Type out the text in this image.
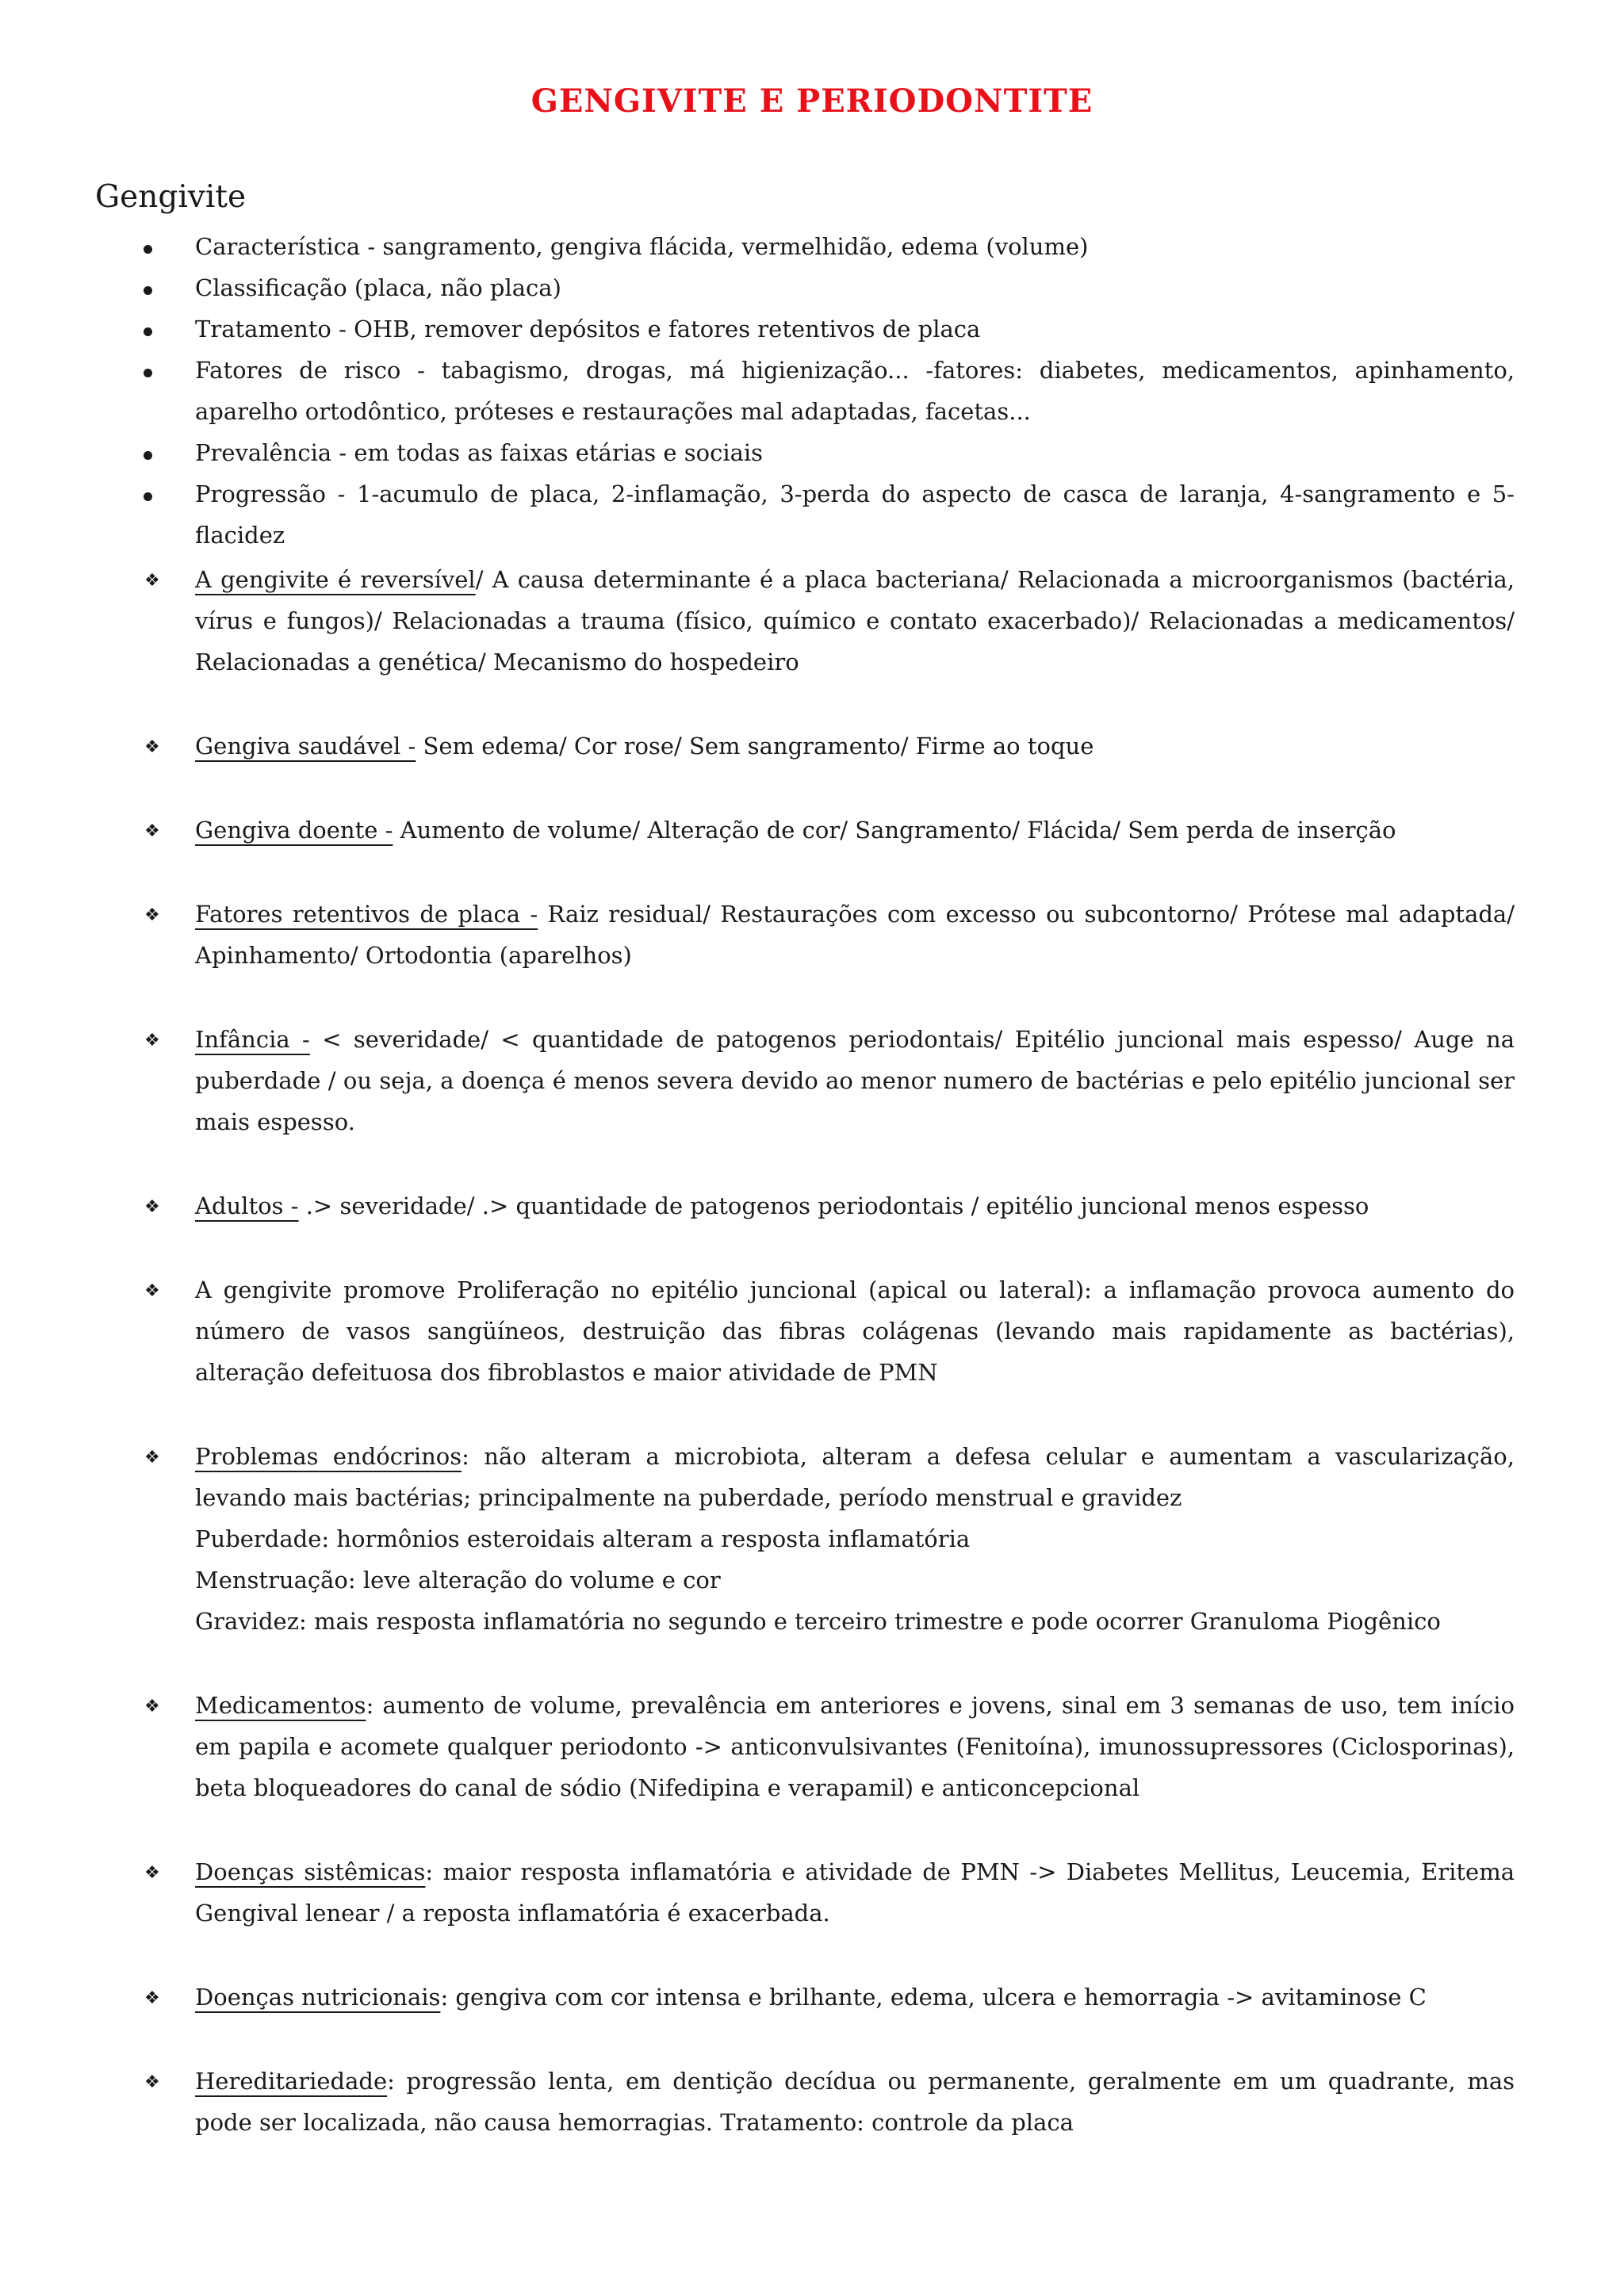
GENGIVITE E PERIODONTITE
Gengivite
Característica - sangramento, gengiva flácida, vermelhidão, edema (volume)
Classificação (placa, não placa)
Tratamento - OHB, remover depósitos e fatores retentivos de placa
Fatores de risco - tabagismo, drogas, má higienização... -fatores: diabetes, medicamentos, apinhamento, aparelho ortodôntico, próteses e restaurações mal adaptadas, facetas...
Prevalência - em todas as faixas etárias e sociais
Progressão - 1-acumulo de placa, 2-inflamação, 3-perda do aspecto de casca de laranja, 4-sangramento e 5-flacidez
❖ A gengivite é reversível/ A causa determinante é a placa bacteriana/ Relacionada a microorganismos (bactéria, vírus e fungos)/ Relacionadas a trauma (físico, químico e contato exacerbado)/ Relacionadas a medicamentos/ Relacionadas a genética/ Mecanismo do hospedeiro
❖ Gengiva saudável - Sem edema/ Cor rose/ Sem sangramento/ Firme ao toque
❖ Gengiva doente - Aumento de volume/ Alteração de cor/ Sangramento/ Flácida/ Sem perda de inserção
❖ Fatores retentivos de placa - Raiz residual/ Restaurações com excesso ou subcontorno/ Prótese mal adaptada/ Apinhamento/ Ortodontia (aparelhos)
❖ Infância - < severidade/ < quantidade de patogenos periodontais/ Epitélio juncional mais espesso/ Auge na puberdade / ou seja, a doença é menos severa devido ao menor numero de bactérias e pelo epitélio juncional ser mais espesso.
❖ Adultos - .> severidade/ .> quantidade de patogenos periodontais / epitélio juncional menos espesso
❖ A gengivite promove Proliferação no epitélio juncional (apical ou lateral): a inflamação provoca aumento do número de vasos sangüíneos, destruição das fibras colágenas (levando mais rapidamente as bactérias), alteração defeituosa dos fibroblastos e maior atividade de PMN
❖ Problemas endócrinos: não alteram a microbiota, alteram a defesa celular e aumentam a vascularização, levando mais bactérias; principalmente na puberdade, período menstrual e gravidez
Puberdade: hormônios esteroidais alteram a resposta inflamatória
Menstruação: leve alteração do volume e cor
Gravidez: mais resposta inflamatória no segundo e terceiro trimestre e pode ocorrer Granuloma Piogênico
❖ Medicamentos: aumento de volume, prevalência em anteriores e jovens, sinal em 3 semanas de uso, tem início em papila e acomete qualquer periodonto -> anticonvulsivantes (Fenitoína), imunossupressores (Ciclosporinas), beta bloqueadores do canal de sódio (Nifedipina e verapamil) e anticoncepcional
❖ Doenças sistêmicas: maior resposta inflamatória e atividade de PMN -> Diabetes Mellitus, Leucemia, Eritema Gengival lenear / a reposta inflamatória é exacerbada.
❖ Doenças nutricionais: gengiva com cor intensa e brilhante, edema, ulcera e hemorragia -> avitaminose C
❖ Hereditariedade: progressão lenta, em dentição decídua ou permanente, geralmente em um quadrante, mas pode ser localizada, não causa hemorragias. Tratamento: controle da placa
